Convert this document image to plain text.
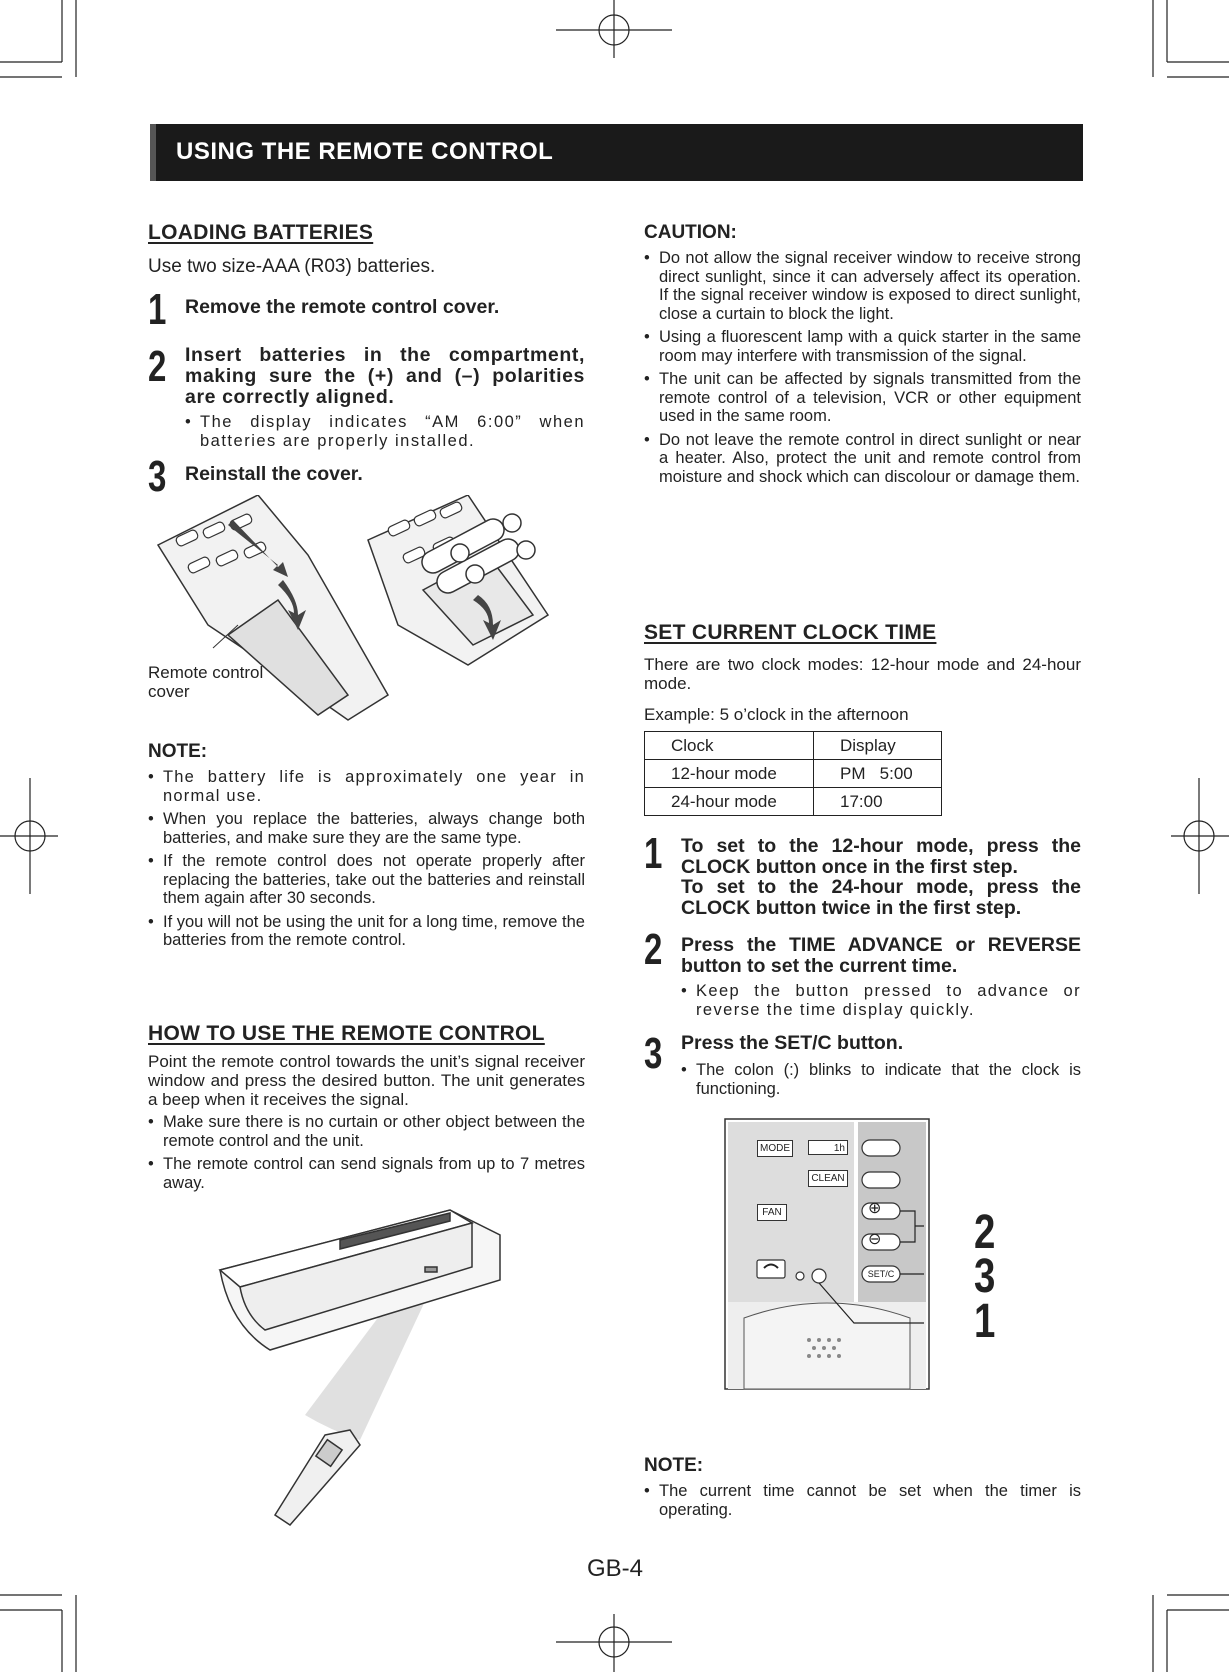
USING THE REMOTE CONTROL
LOADING BATTERIES
Use two size-AAA (R03) batteries.
1 Remove the remote control cover.
2 Insert batteries in the compartment, making sure the (+) and (–) polarities are correctly aligned.
• The display indicates “AM 6:00” when batteries are properly installed.
3 Reinstall the cover.
Remote control cover
NOTE:
• The battery life is approximately one year in normal use.
• When you replace the batteries, always change both batteries, and make sure they are the same type.
• If the remote control does not operate properly after replacing the batteries, take out the batteries and reinstall them again after 30 seconds.
• If you will not be using the unit for a long time, remove the batteries from the remote control.
HOW TO USE THE REMOTE CONTROL
Point the remote control towards the unit’s signal receiver window and press the desired button. The unit generates a beep when it receives the signal.
• Make sure there is no curtain or other object between the remote control and the unit.
• The remote control can send signals from up to 7 metres away.
CAUTION:
• Do not allow the signal receiver window to receive strong direct sunlight, since it can adversely affect its operation. If the signal receiver window is exposed to direct sunlight, close a curtain to block the light.
• Using a fluorescent lamp with a quick starter in the same room may interfere with transmission of the signal.
• The unit can be affected by signals transmitted from the remote control of a television, VCR or other equipment used in the same room.
• Do not leave the remote control in direct sunlight or near a heater. Also, protect the unit and remote control from moisture and shock which can discolour or damage them.
SET CURRENT CLOCK TIME
There are two clock modes: 12-hour mode and 24-hour mode.
Example: 5 o’clock in the afternoon
Clock	Display
12-hour mode	PM   5:00
24-hour mode	17:00
1 To set to the 12-hour mode, press the CLOCK button once in the first step.
To set to the 24-hour mode, press the CLOCK button twice in the first step.
2 Press the TIME ADVANCE or REVERSE button to set the current time.
• Keep the button pressed to advance or reverse the time display quickly.
3 Press the SET/C button.
• The colon (:) blinks to indicate that the clock is functioning.
MODE	1h
CLEAN
FAN
SET/C
⊕
⊖ 2
3
1
NOTE:
• The current time cannot be set when the timer is operating.
GB-4
